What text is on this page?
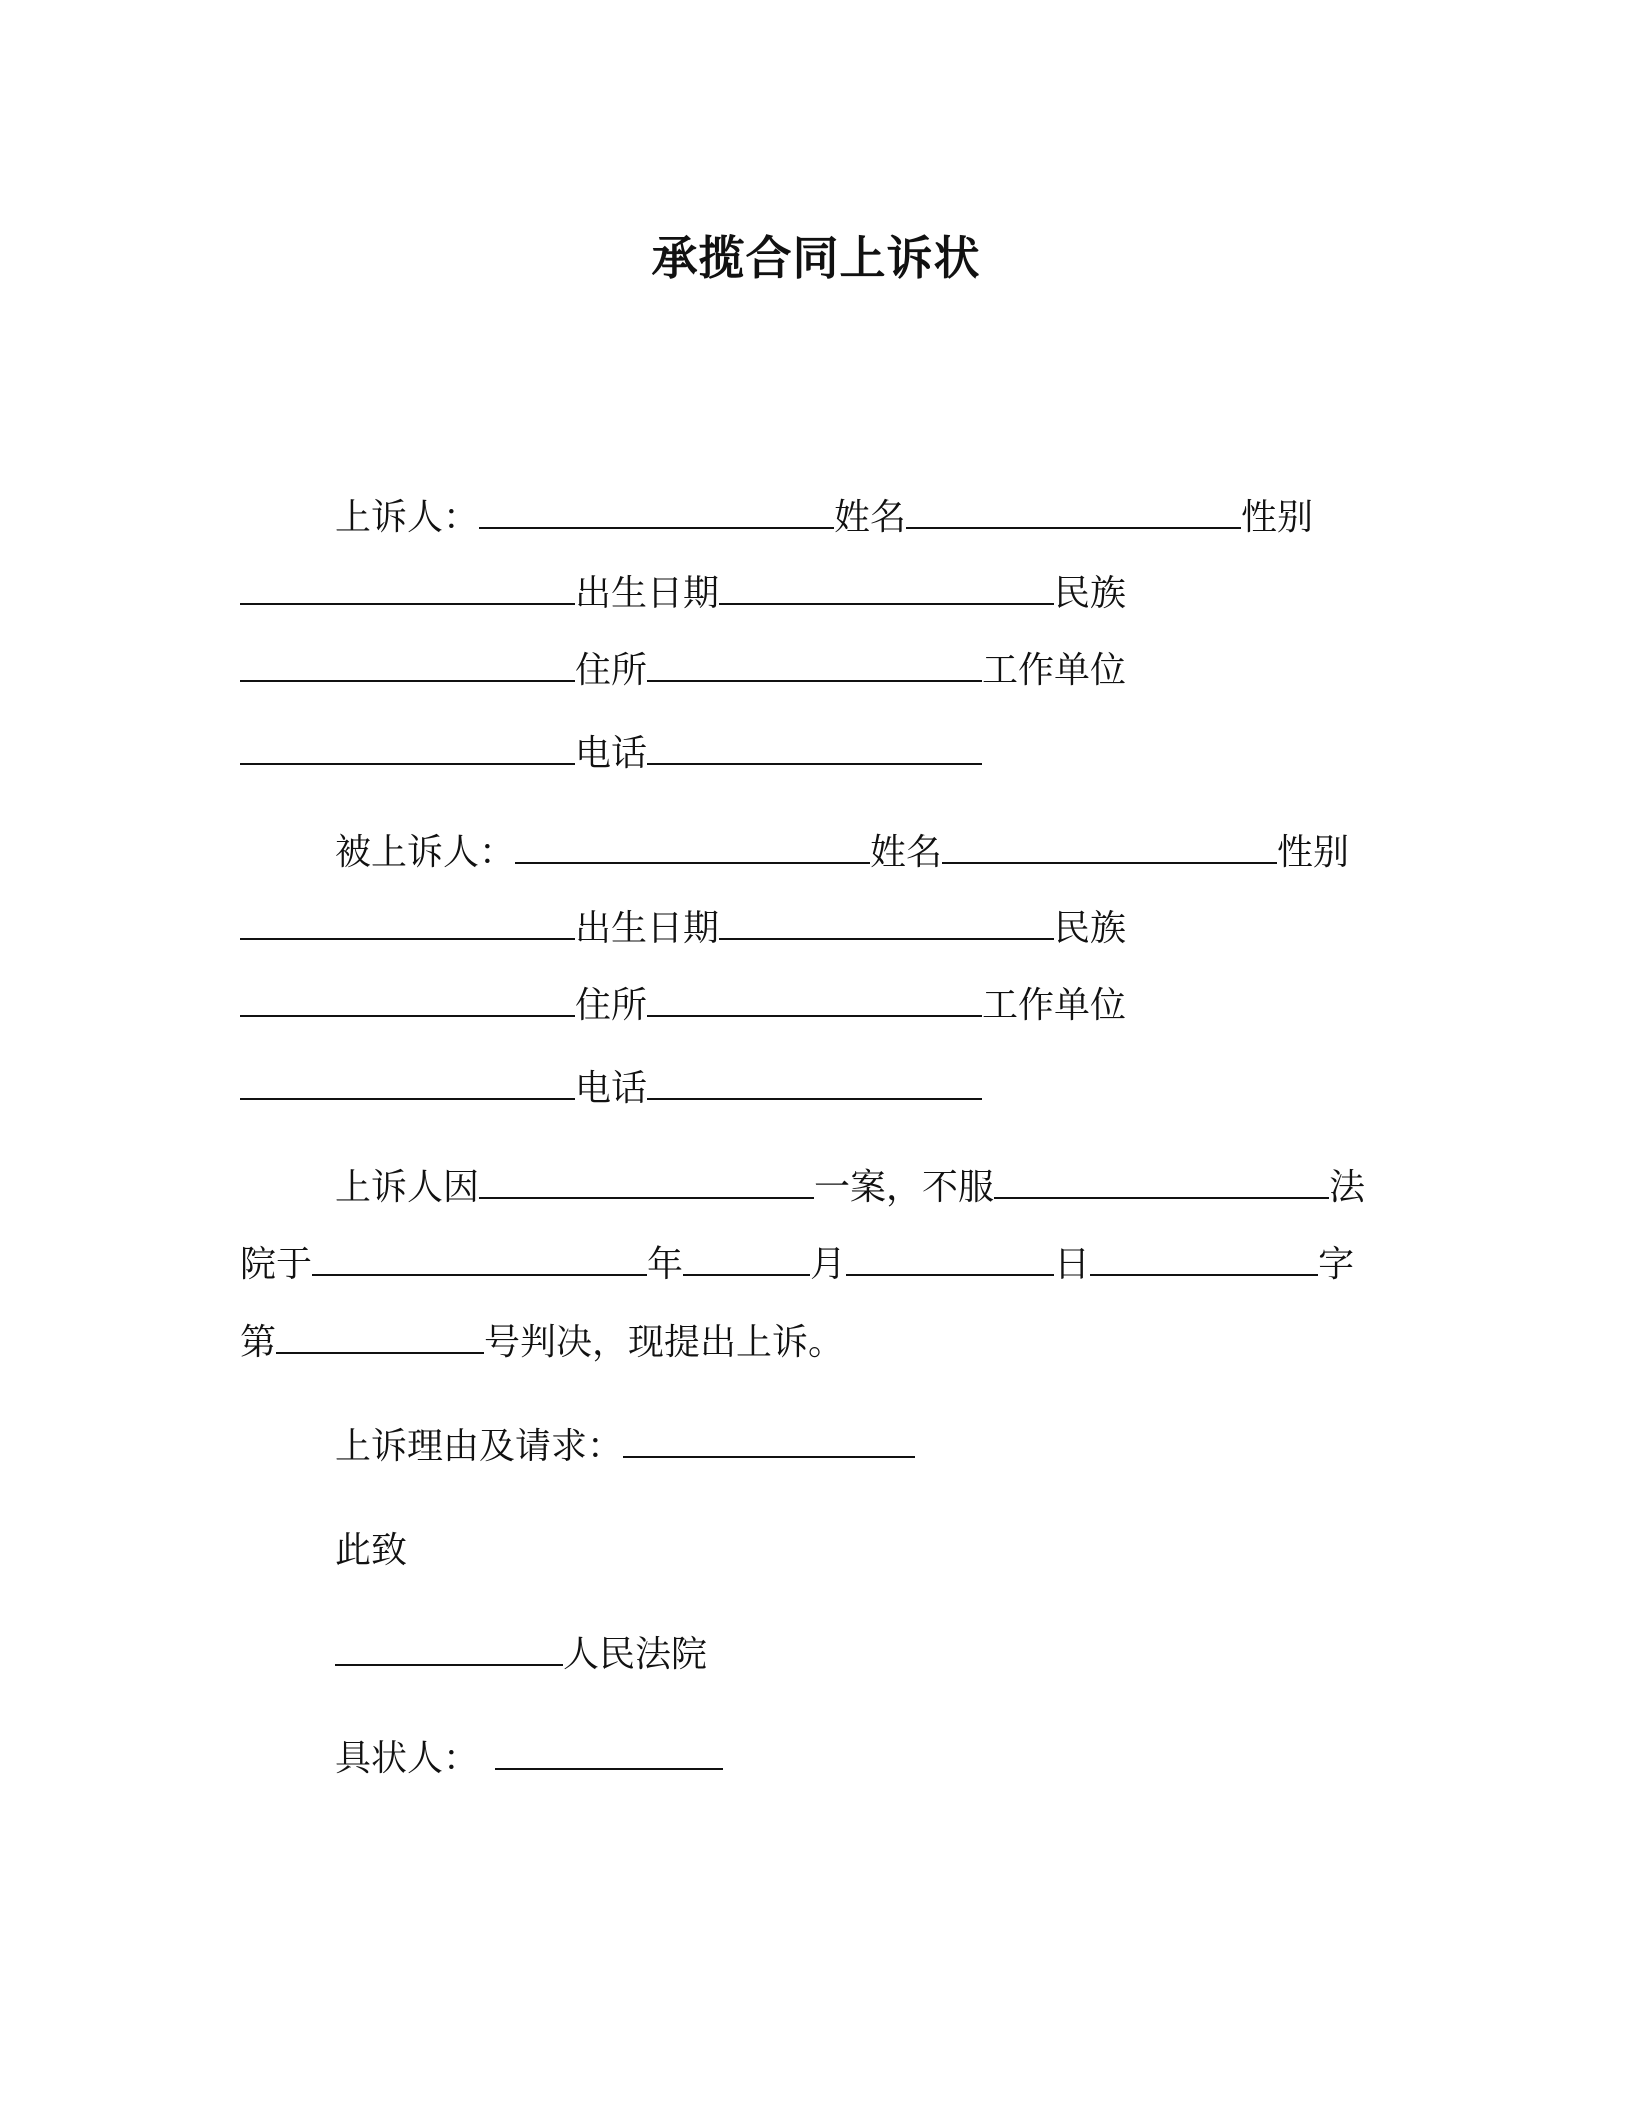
承揽合同上诉状
上诉人：	姓名	性别
出生日期	民族
住所	工作单位
电话
被上诉人：	姓名	性别
出生日期	民族
住所	工作单位
电话
上诉人因	一案，不服	法
院于	年	月	日	字
第	号判决，现提出上诉。
上诉理由及请求：
此致
人民法院
具状人：
